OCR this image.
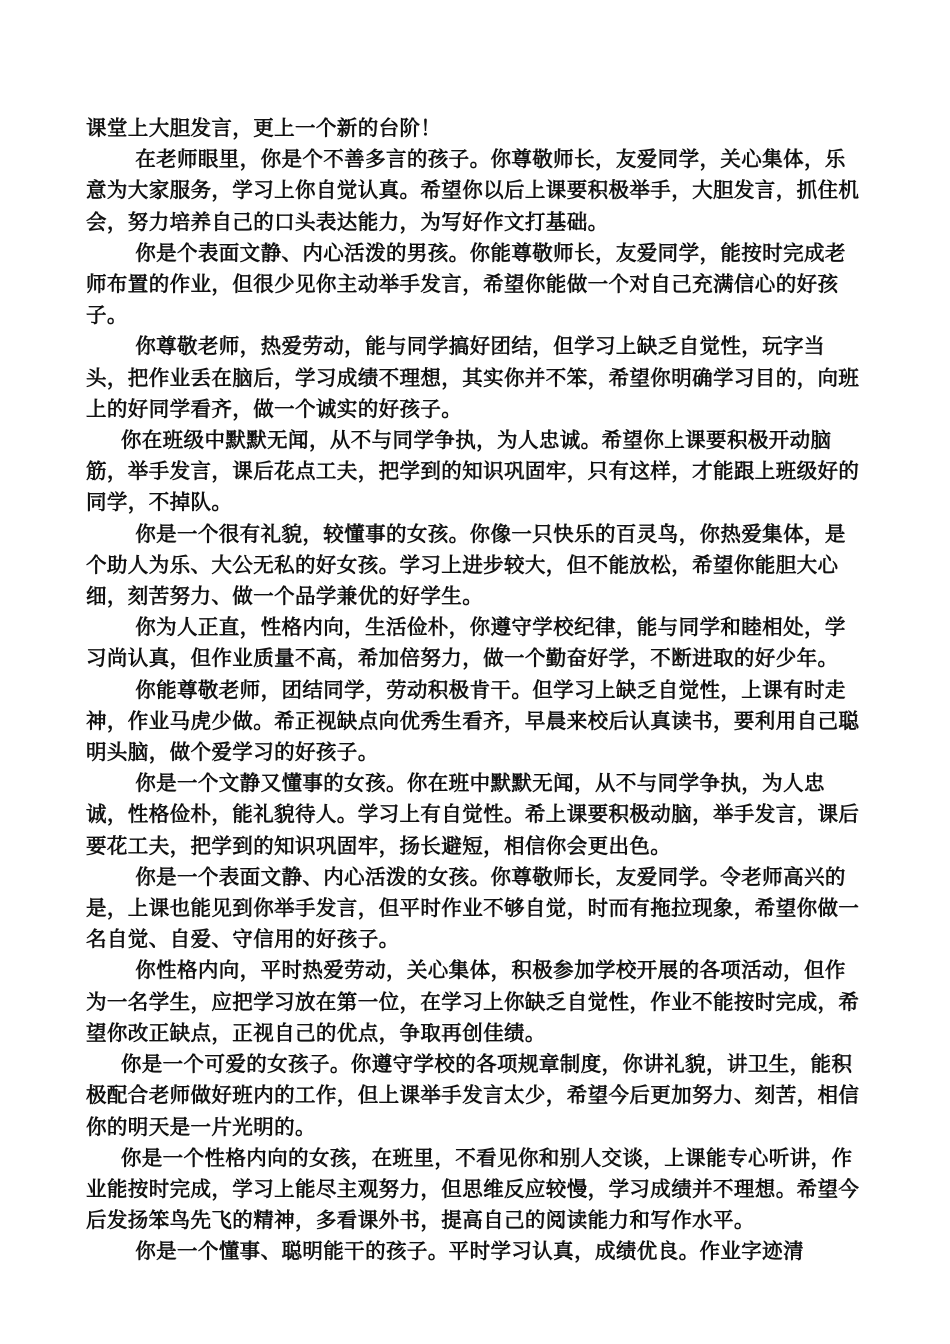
课堂上大胆发言，更上一个新的台阶！

在老师眼里，你是个不善多言的孩子。你尊敬师长，友爱同学，关心集体，乐意为大家服务，学习上你自觉认真。希望你以后上课要积极举手，大胆发言，抓住机会，努力培养自己的口头表达能力，为写好作文打基础。

你是个表面文静、内心活泼的男孩。你能尊敬师长，友爱同学，能按时完成老师布置的作业，但很少见你主动举手发言，希望你能做一个对自己充满信心的好孩子。

你尊敬老师，热爱劳动，能与同学搞好团结，但学习上缺乏自觉性，玩字当头，把作业丢在脑后，学习成绩不理想，其实你并不笨，希望你明确学习目的，向班上的好同学看齐，做一个诚实的好孩子。

你在班级中默默无闻，从不与同学争执，为人忠诚。希望你上课要积极开动脑筋，举手发言，课后花点工夫，把学到的知识巩固牢，只有这样，才能跟上班级好的同学，不掉队。

你是一个很有礼貌，较懂事的女孩。你像一只快乐的百灵鸟，你热爱集体，是个助人为乐、大公无私的好女孩。学习上进步较大，但不能放松，希望你能胆大心细，刻苦努力、做一个品学兼优的好学生。

你为人正直，性格内向，生活俭朴，你遵守学校纪律，能与同学和睦相处，学习尚认真，但作业质量不高，希加倍努力，做一个勤奋好学，不断进取的好少年。

你能尊敬老师，团结同学，劳动积极肯干。但学习上缺乏自觉性，上课有时走神，作业马虎少做。希正视缺点向优秀生看齐，早晨来校后认真读书，要利用自己聪明头脑，做个爱学习的好孩子。

你是一个文静又懂事的女孩。你在班中默默无闻，从不与同学争执，为人忠诚，性格俭朴，能礼貌待人。学习上有自觉性。希上课要积极动脑，举手发言，课后要花工夫，把学到的知识巩固牢，扬长避短，相信你会更出色。

你是一个表面文静、内心活泼的女孩。你尊敬师长，友爱同学。令老师高兴的是，上课也能见到你举手发言，但平时作业不够自觉，时而有拖拉现象，希望你做一名自觉、自爱、守信用的好孩子。

你性格内向，平时热爱劳动，关心集体，积极参加学校开展的各项活动，但作为一名学生，应把学习放在第一位，在学习上你缺乏自觉性，作业不能按时完成，希望你改正缺点，正视自己的优点，争取再创佳绩。

你是一个可爱的女孩子。你遵守学校的各项规章制度，你讲礼貌，讲卫生，能积极配合老师做好班内的工作，但上课举手发言太少，希望今后更加努力、刻苦，相信你的明天是一片光明的。

你是一个性格内向的女孩，在班里，不看见你和别人交谈，上课能专心听讲，作业能按时完成，学习上能尽主观努力，但思维反应较慢，学习成绩并不理想。希望今后发扬笨鸟先飞的精神，多看课外书，提高自己的阅读能力和写作水平。

你是一个懂事、聪明能干的孩子。平时学习认真，成绩优良。作业字迹清
